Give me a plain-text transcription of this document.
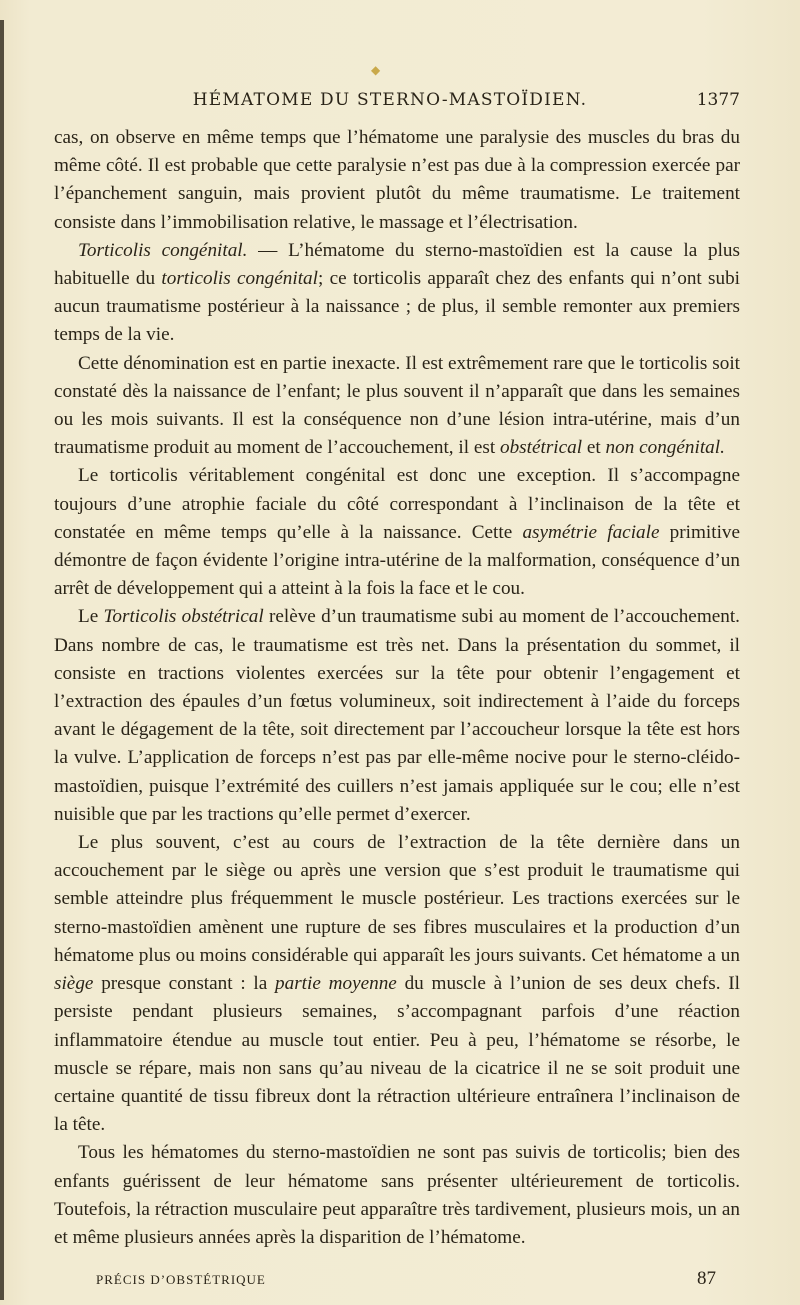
◆
HÉMATOME DU STERNO-MASTOÏDIEN.	1377

cas, on observe en même temps que l’hématome une paralysie des muscles du bras du même côté. Il est probable que cette paralysie n’est pas due à la compression exercée par l’épanchement sanguin, mais provient plutôt du même traumatisme. Le traitement consiste dans l’immobilisation relative, le massage et l’électrisation.

Torticolis congénital. — L’hématome du sterno-mastoïdien est la cause la plus habituelle du torticolis congénital; ce torticolis apparaît chez des enfants qui n’ont subi aucun traumatisme postérieur à la naissance ; de plus, il semble remonter aux premiers temps de la vie.

Cette dénomination est en partie inexacte. Il est extrêmement rare que le torticolis soit constaté dès la naissance de l’enfant; le plus souvent il n’apparaît que dans les semaines ou les mois suivants. Il est la conséquence non d’une lésion intra-utérine, mais d’un traumatisme produit au moment de l’accouchement, il est obstétrical et non congénital.

Le torticolis véritablement congénital est donc une exception. Il s’accompagne toujours d’une atrophie faciale du côté correspondant à l’inclinaison de la tête et constatée en même temps qu’elle à la naissance. Cette asymétrie faciale primitive démontre de façon évidente l’origine intra-utérine de la malformation, conséquence d’un arrêt de développement qui a atteint à la fois la face et le cou.

Le Torticolis obstétrical relève d’un traumatisme subi au moment de l’accouchement. Dans nombre de cas, le traumatisme est très net. Dans la présentation du sommet, il consiste en tractions violentes exercées sur la tête pour obtenir l’engagement et l’extraction des épaules d’un fœtus volumineux, soit indirectement à l’aide du forceps avant le dégagement de la tête, soit directement par l’accoucheur lorsque la tête est hors la vulve. L’application de forceps n’est pas par elle-même nocive pour le sterno-cléido-mastoïdien, puisque l’extrémité des cuillers n’est jamais appliquée sur le cou; elle n’est nuisible que par les tractions qu’elle permet d’exercer.

Le plus souvent, c’est au cours de l’extraction de la tête dernière dans un accouchement par le siège ou après une version que s’est produit le traumatisme qui semble atteindre plus fréquemment le muscle postérieur. Les tractions exercées sur le sterno-mastoïdien amènent une rupture de ses fibres musculaires et la production d’un hématome plus ou moins considérable qui apparaît les jours suivants. Cet hématome a un siège presque constant : la partie moyenne du muscle à l’union de ses deux chefs. Il persiste pendant plusieurs semaines, s’accompagnant parfois d’une réaction inflammatoire étendue au muscle tout entier. Peu à peu, l’hématome se résorbe, le muscle se répare, mais non sans qu’au niveau de la cicatrice il ne se soit produit une certaine quantité de tissu fibreux dont la rétraction ultérieure entraînera l’inclinaison de la tête.

Tous les hématomes du sterno-mastoïdien ne sont pas suivis de torticolis; bien des enfants guérissent de leur hématome sans présenter ultérieurement de torticolis. Toutefois, la rétraction musculaire peut apparaître très tardivement, plusieurs mois, un an et même plusieurs années après la disparition de l’hématome.

PRÉCIS D’OBSTÉTRIQUE	87
